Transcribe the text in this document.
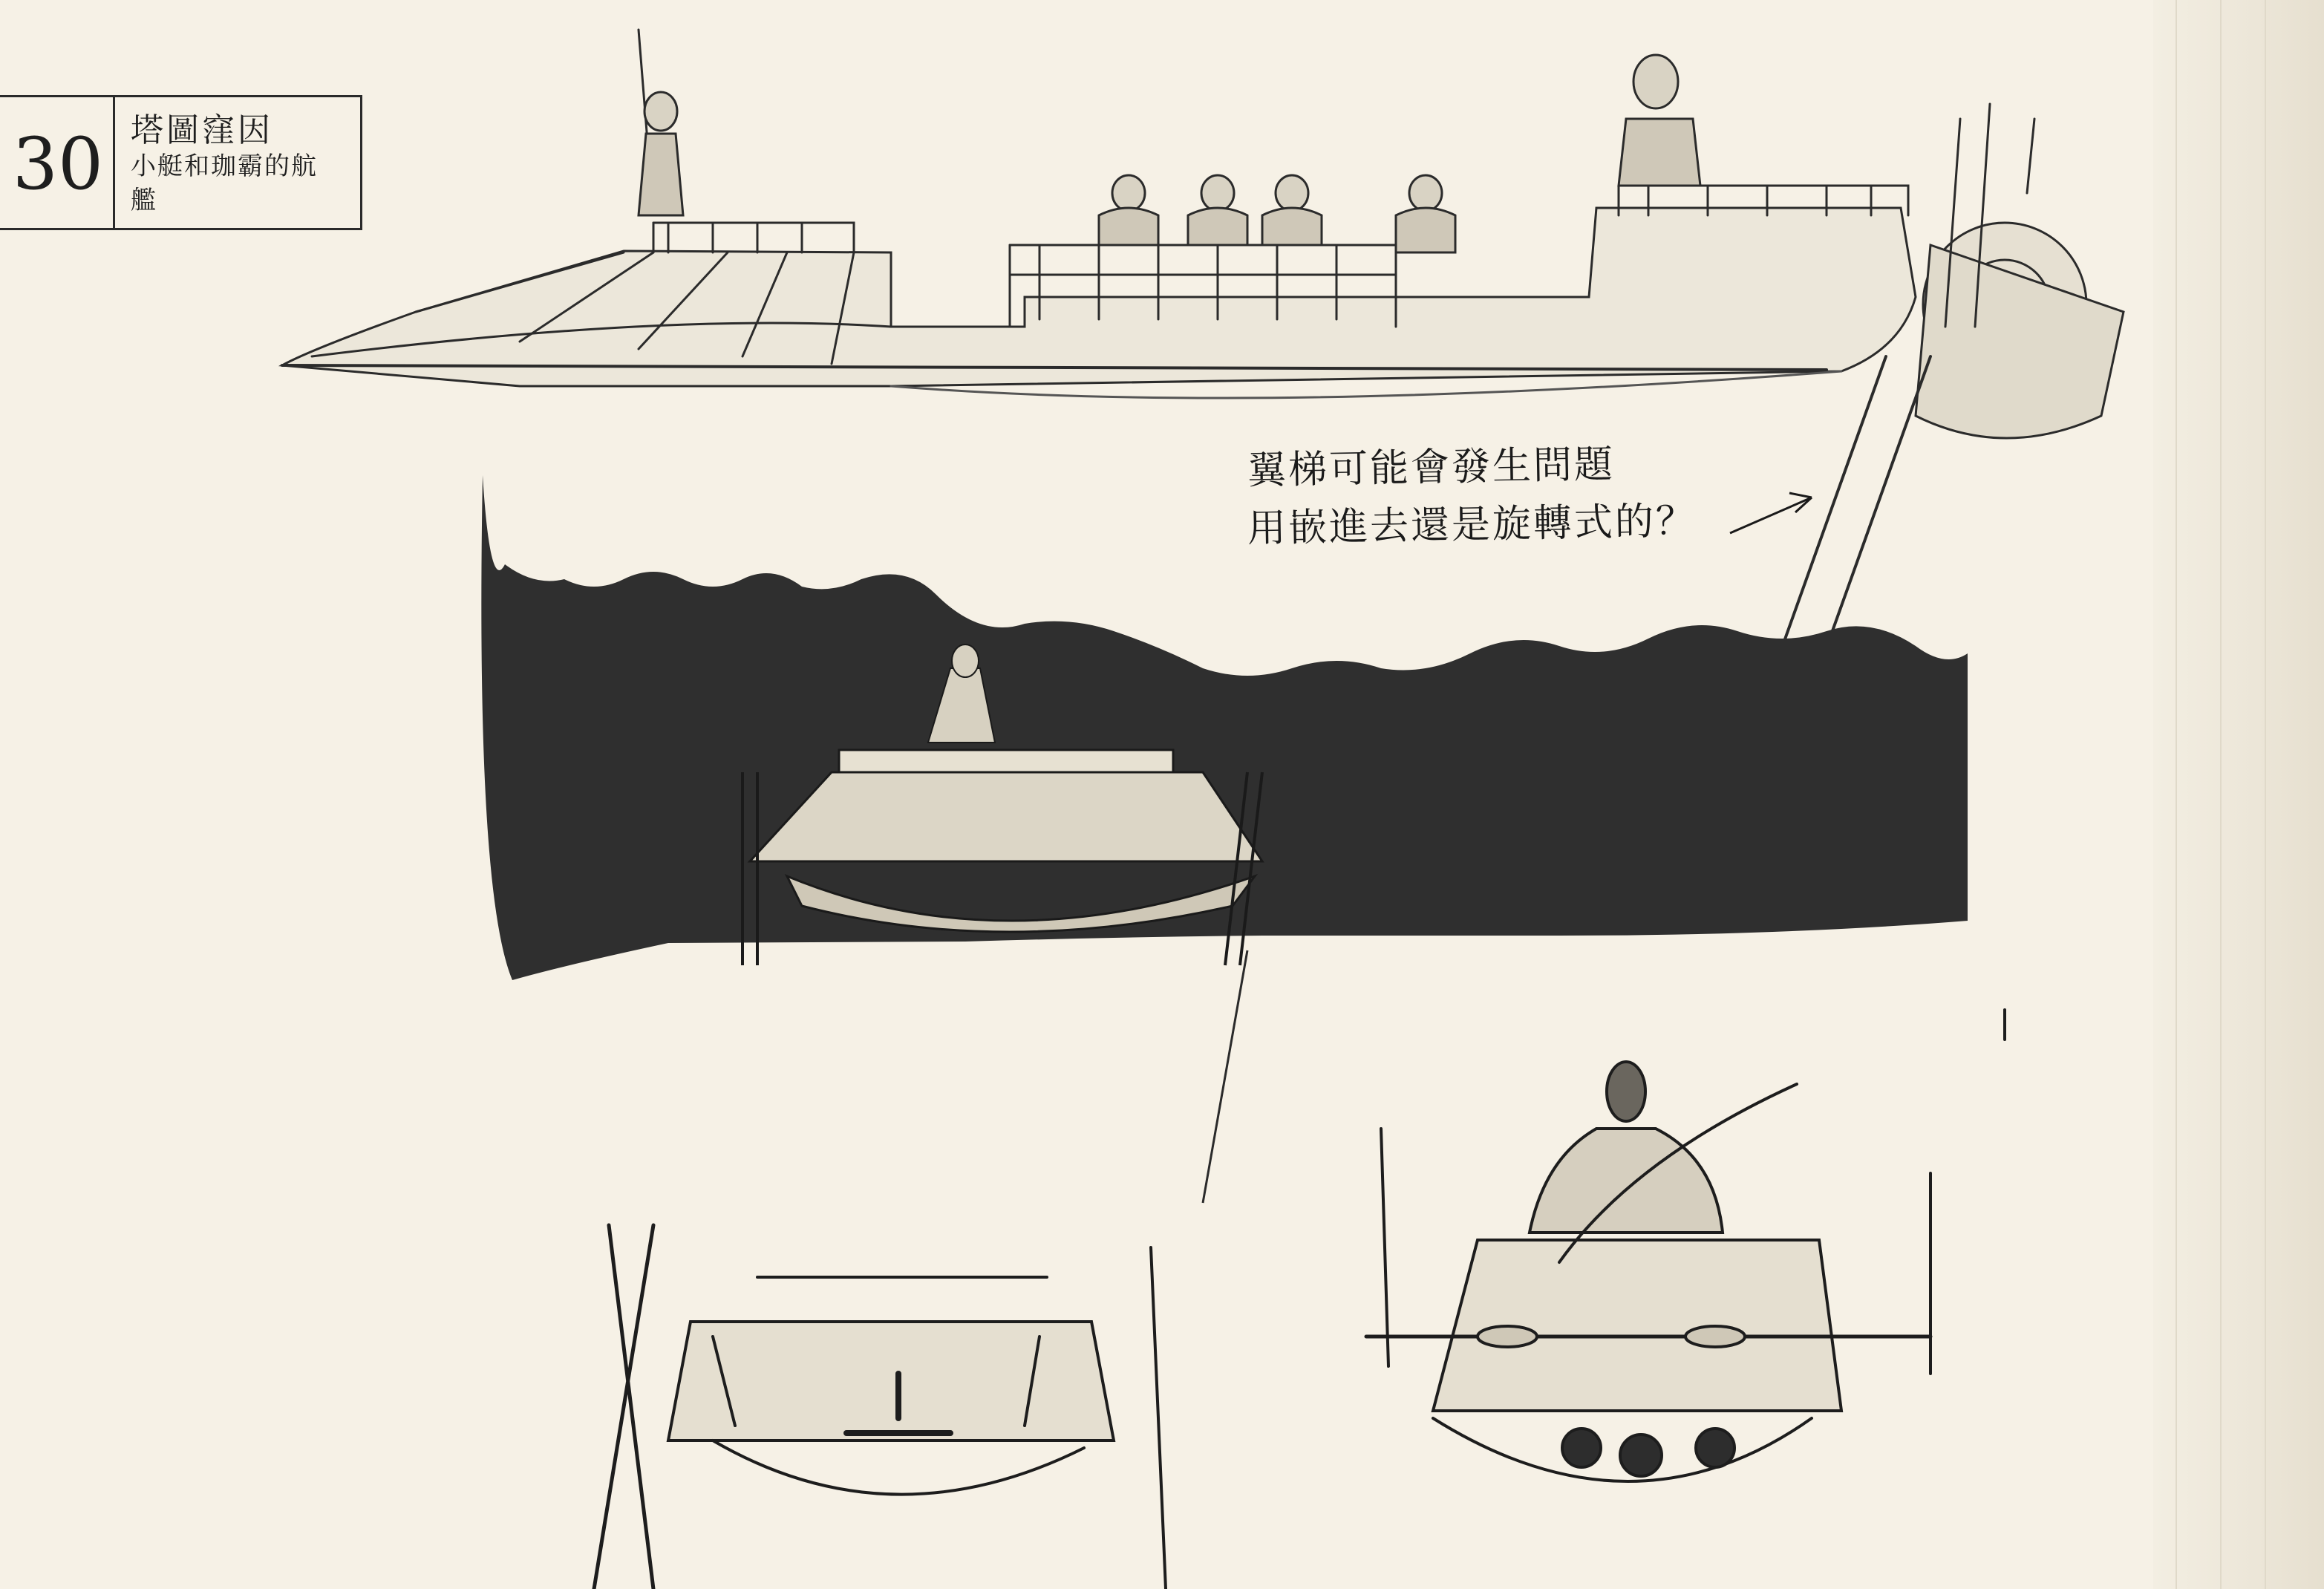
30 塔圖窪因
小艇和珈霸的航艦
翼梯可能會發生問題
用嵌進去還是旋轉式的？
